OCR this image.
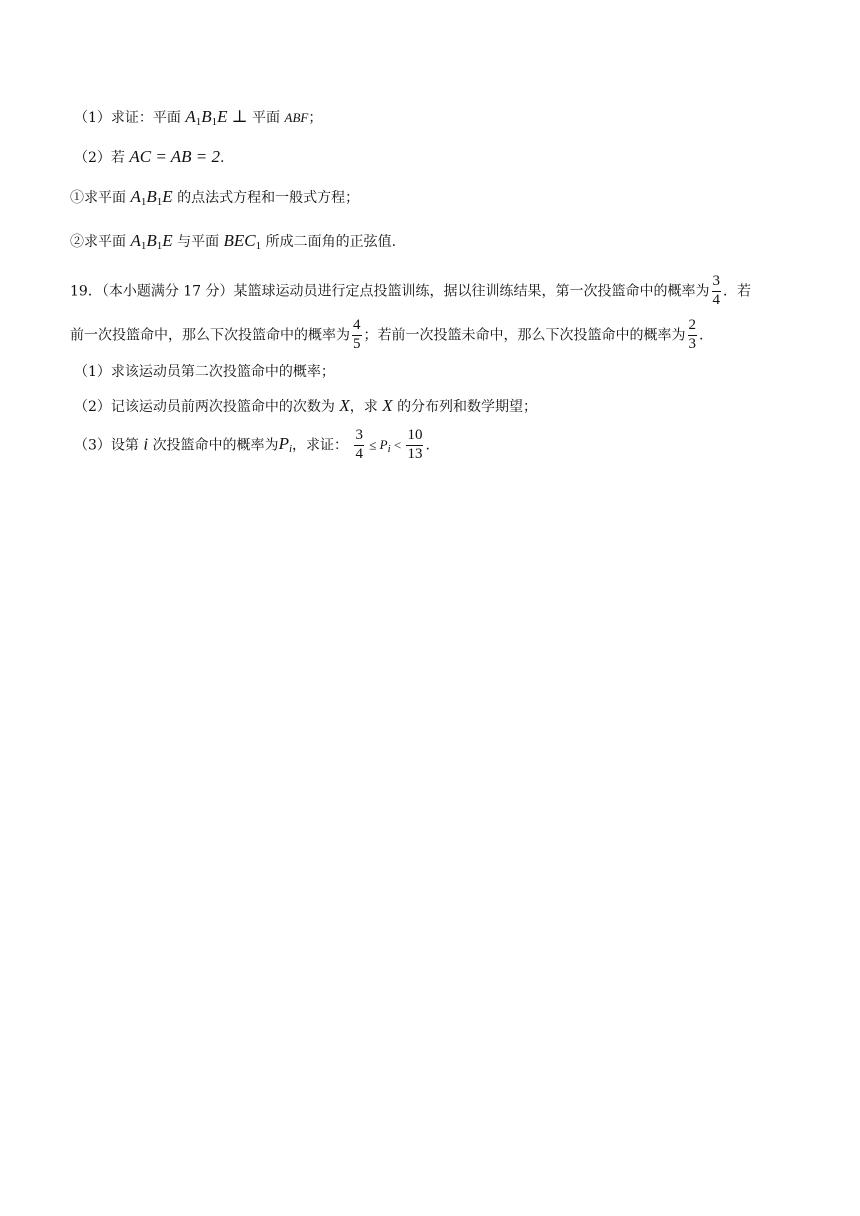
（1）求证：平面 $A_1B_1E$ ⊥ 平面 ABF；
（2）若 AC = AB = 2.
①求平面 $A_1B_1E$ 的点法式方程和一般式方程；
②求平面 $A_1B_1E$ 与平面 $BEC_1$ 所成二面角的正弦值.
19．（本小题满分 17 分）某篮球运动员进行定点投篮训练，据以往训练结果，第一次投篮命中的概率为 $\frac{3}{4}$ ．若
前一次投篮命中，那么下次投篮命中的概率为 $\frac{4}{5}$ ；若前一次投篮未命中，那么下次投篮命中的概率为 $\frac{2}{3}$ .
（1）求该运动员第二次投篮命中的概率；
（2）记该运动员前两次投篮命中的次数为 X，求 X 的分布列和数学期望；
（3）设第 i 次投篮命中的概率为$P_i$，求证： $\frac{3}{4} \le P_i < \frac{10}{13}$ .
